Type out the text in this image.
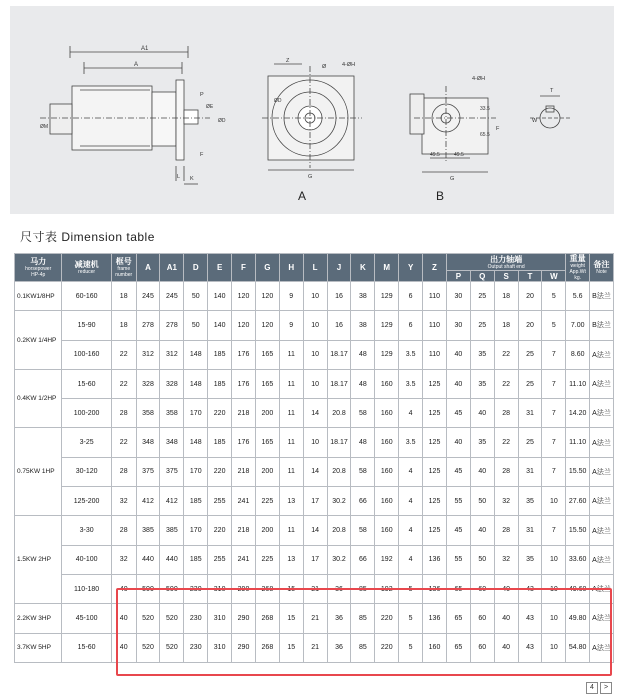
A1
A
P
ØE
ØM
ØD
F
L K
Z
4-ØH
G
Ø
ØD
G
F
49.5	49.5
65.5
33.5
4-ØH
T
W
A	B
尺寸表 Dimension table
马力
horsepower
HP-4p	减速机
reducer	框号
frame number	A	A1	D	E	F	G	H	L	J	K	M	Y	Z	出力轴端
Output shaft end					重量
weight App.Wt kg.	备注
Note

																P	Q	S	T	W		
0.1KW1/8HP	60-160	18	245	245	50	140	120	120	9	10	16	38	129	6	110	30	25	18	20	5	5.6	B法兰
0.2KW 1/4HP	15-90	18	278	278	50	140	120	120	9	10	16	38	129	6	110	30	25	18	20	5	7.00	B法兰
	100-160	22	312	312	148	185	176	165	11	10	18.17	48	129	3.5	110	40	35	22	25	7	8.60	A法兰
0.4KW 1/2HP	15-60	22	328	328	148	185	176	165	11	10	18.17	48	160	3.5	125	40	35	22	25	7	11.10	A法兰
	100-200	28	358	358	170	220	218	200	11	14	20.8	58	160	4	125	45	40	28	31	7	14.20	A法兰
0.75KW 1HP	3-25	22	348	348	148	185	176	165	11	10	18.17	48	160	3.5	125	40	35	22	25	7	11.10	A法兰
	30-120	28	375	375	170	220	218	200	11	14	20.8	58	160	4	125	45	40	28	31	7	15.50	A法兰
	125-200	32	412	412	185	255	241	225	13	17	30.2	66	160	4	125	55	50	32	35	10	27.60	A法兰
1.5KW 2HP	3-30	28	385	385	170	220	218	200	11	14	20.8	58	160	4	125	45	40	28	31	7	15.50	A法兰
	40-100	32	440	440	185	255	241	225	13	17	30.2	66	192	4	136	55	50	32	35	10	33.60	A法兰
	110-180	40	500	500	230	310	290	268	15	21	36	85	192	5	136	65	60	40	43	10	49.60	A法兰
2.2KW 3HP	45-100	40	520	520	230	310	290	268	15	21	36	85	220	5	136	65	60	40	43	10	49.80	A法兰
3.7KW 5HP	15-60	40	520	520	230	310	290	268	15	21	36	85	220	5	160	65	60	40	43	10	54.80	A法兰
4	>
